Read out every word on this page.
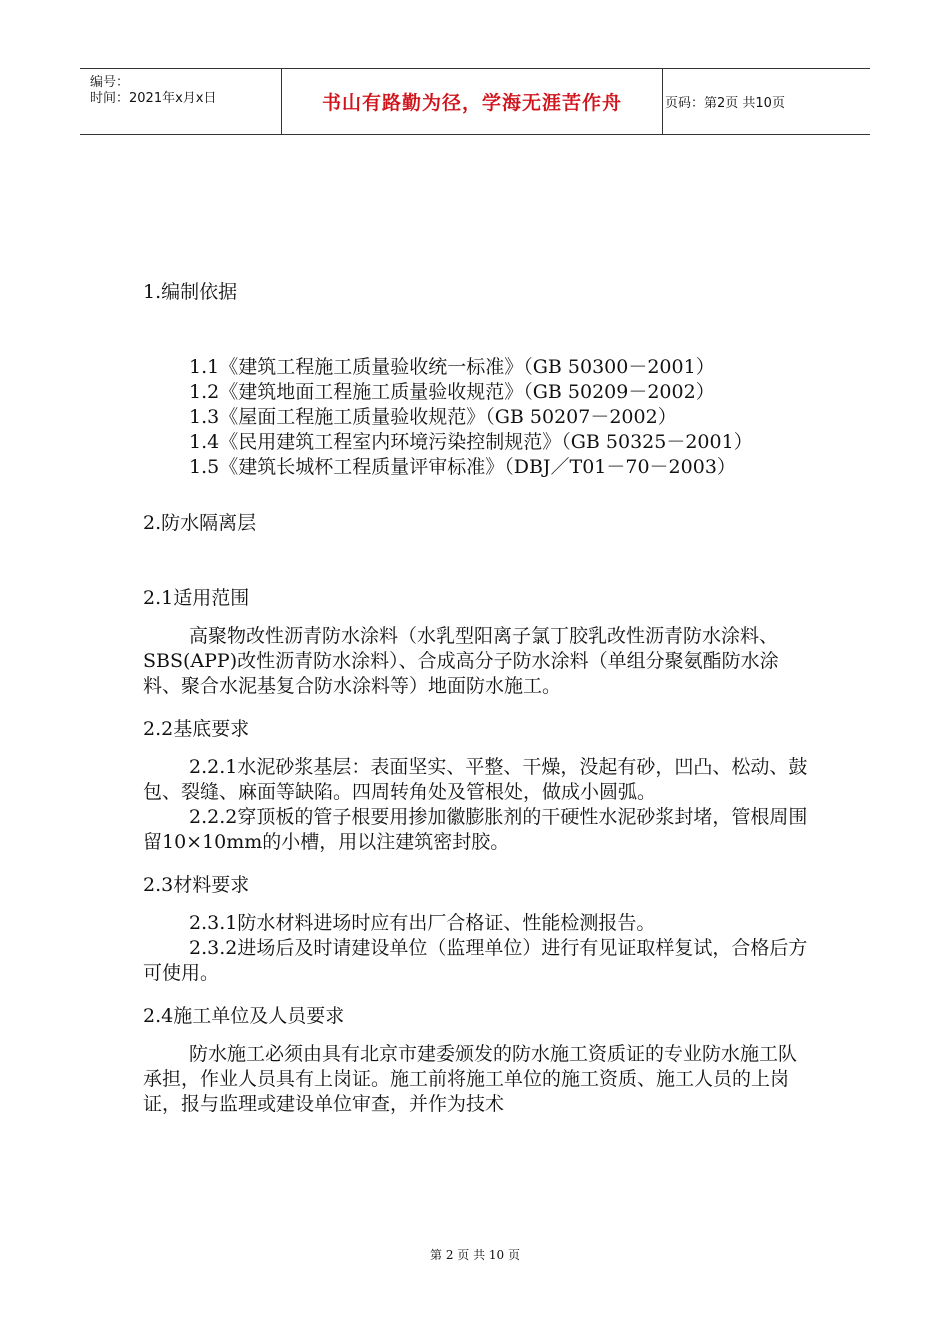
编号：
时间：2021年x月x日	书山有路勤为径，学海无涯苦作舟	页码：第2页 共10页

1.编制依据

1.1《建筑工程施工质量验收统一标准》（GB 50300－2001）

1.2《建筑地面工程施工质量验收规范》（GB 50209－2002）

1.3《屋面工程施工质量验收规范》（GB 50207－2002）

1.4《民用建筑工程室内环境污染控制规范》（GB 50325－2001）

1.5《建筑长城杯工程质量评审标准》（DBJ／T01－70－2003）

2.防水隔离层

2.1适用范围

高聚物改性沥青防水涂料（水乳型阳离子氯丁胶乳改性沥青防水涂料、SBS(APP)改性沥青防水涂料）、合成高分子防水涂料（单组分聚氨酯防水涂料、聚合水泥基复合防水涂料等）地面防水施工。

2.2基底要求

2.2.1水泥砂浆基层：表面坚实、平整、干燥，没起有砂，凹凸、松动、鼓包、裂缝、麻面等缺陷。四周转角处及管根处，做成小圆弧。

2.2.2穿顶板的管子根要用掺加徽膨胀剂的干硬性水泥砂浆封堵，管根周围留10×10mm的小槽，用以注建筑密封胶。

2.3材料要求

2.3.1防水材料进场时应有出厂合格证、性能检测报告。

2.3.2进场后及时请建设单位（监理单位）进行有见证取样复试，合格后方可使用。

2.4施工单位及人员要求

防水施工必须由具有北京市建委颁发的防水施工资质证的专业防水施工队承担，作业人员具有上岗证。施工前将施工单位的施工资质、施工人员的上岗证，报与监理或建设单位审查，并作为技术

第 2 页 共 10 页
